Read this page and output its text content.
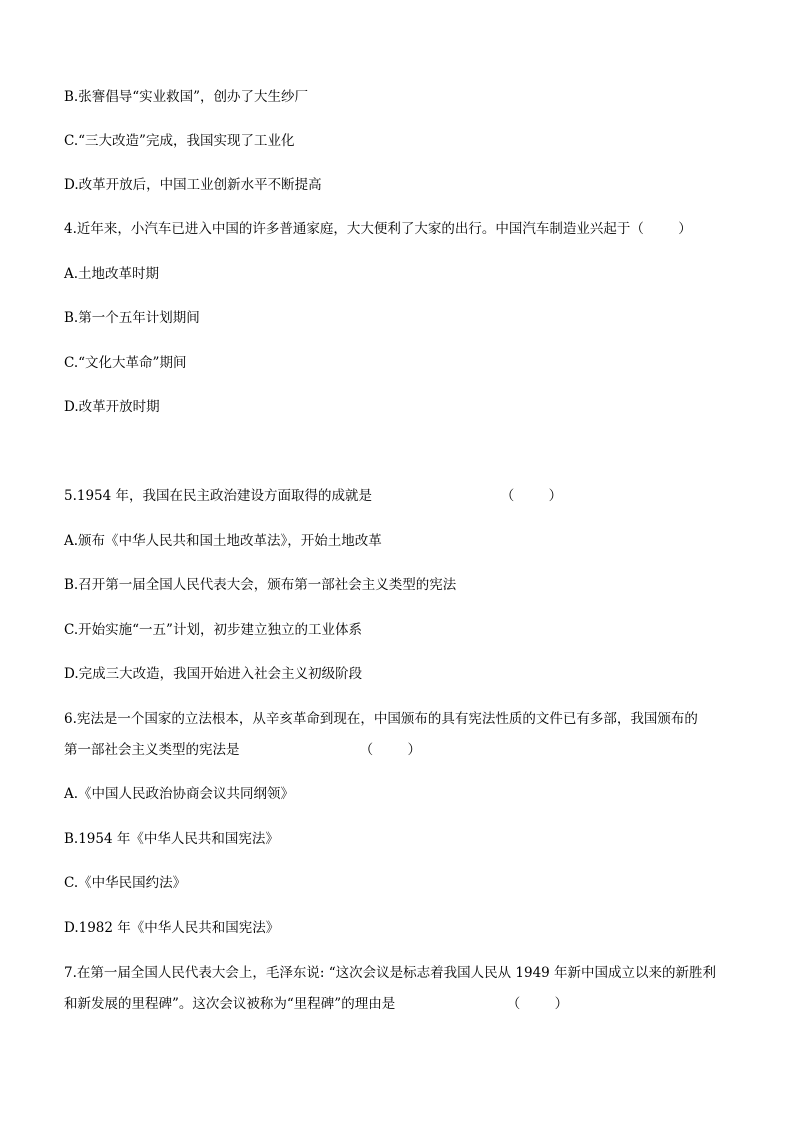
B.张謇倡导“实业救国”，创办了大生纱厂
C.“三大改造”完成，我国实现了工业化
D.改革开放后，中国工业创新水平不断提高
4.近年来，小汽车已进入中国的许多普通家庭，大大便利了大家的出行。中国汽车制造业兴起于（        ）
A.土地改革时期
B.第一个五年计划期间
C.“文化大革命”期间
D.改革开放时期
5.1954 年，我国在民主政治建设方面取得的成就是                              （        ）
A.颁布《中华人民共和国土地改革法》，开始土地改革
B.召开第一届全国人民代表大会，颁布第一部社会主义类型的宪法
C.开始实施“一五”计划，初步建立独立的工业体系
D.完成三大改造，我国开始进入社会主义初级阶段
6.宪法是一个国家的立法根本，从辛亥革命到现在，中国颁布的具有宪法性质的文件已有多部，我国颁布的
第一部社会主义类型的宪法是                            （        ）
A.《中国人民政治协商会议共同纲领》
B.1954 年《中华人民共和国宪法》
C.《中华民国约法》
D.1982 年《中华人民共和国宪法》
7.在第一届全国人民代表大会上，毛泽东说: “这次会议是标志着我国人民从 1949 年新中国成立以来的新胜利
和新发展的里程碑”。这次会议被称为“里程碑”的理由是                          （        ）
